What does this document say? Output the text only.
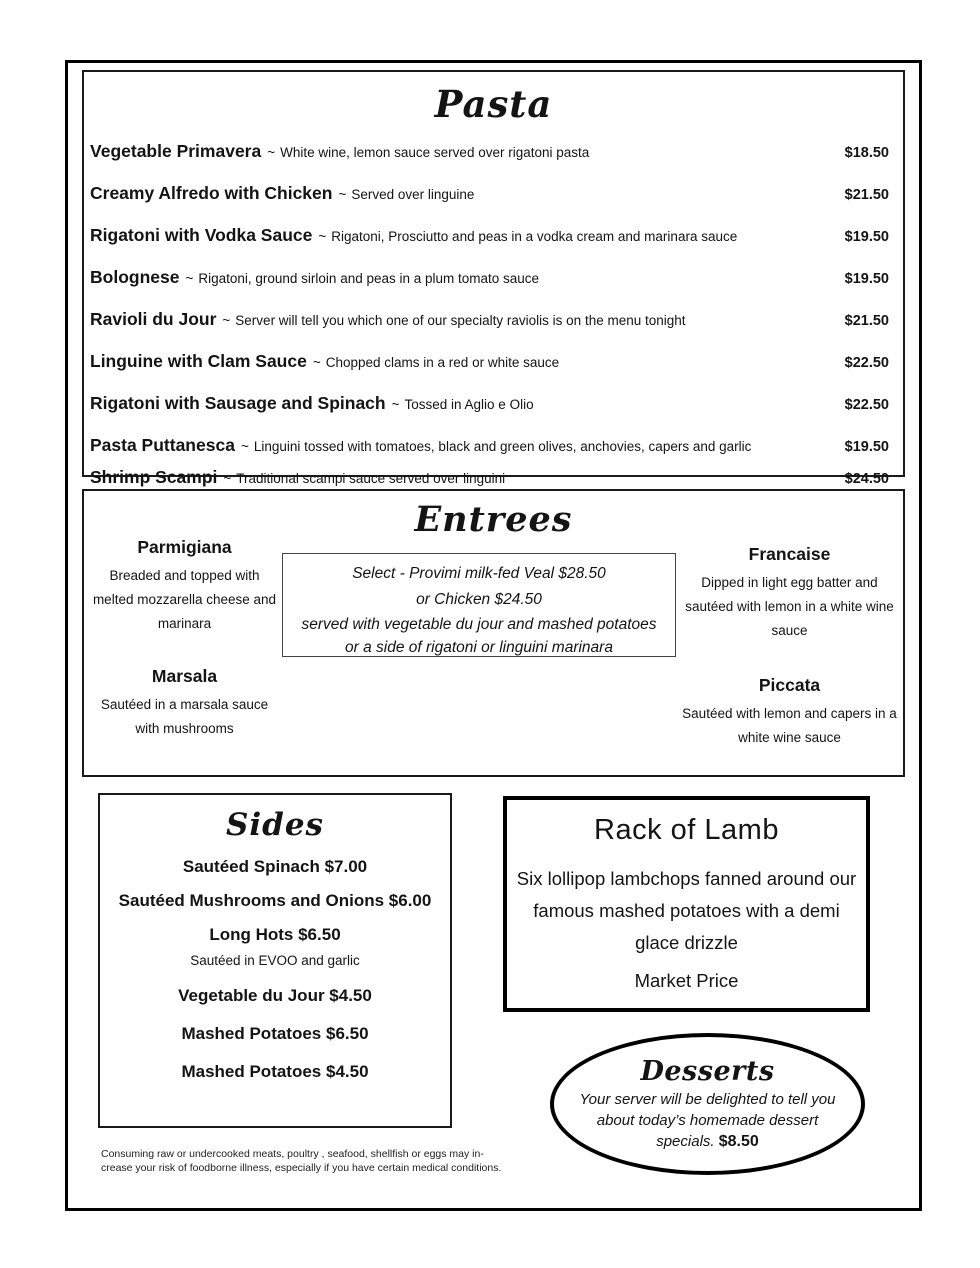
Pasta
Vegetable Primavera ~ White wine, lemon sauce served over rigatoni pasta	$18.50
Creamy Alfredo with Chicken ~ Served over linguine	$21.50
Rigatoni with Vodka Sauce ~ Rigatoni, Prosciutto and peas in a vodka cream and marinara sauce	$19.50
Bolognese ~ Rigatoni, ground sirloin and peas in a plum tomato sauce	$19.50
Ravioli du Jour ~ Server will tell you which one of our specialty raviolis is on the menu tonight	$21.50
Linguine with Clam Sauce ~ Chopped clams in a red or white sauce	$22.50
Rigatoni with Sausage and Spinach ~ Tossed in Aglio e Olio	$22.50
Pasta Puttanesca ~ Linguini tossed with tomatoes, black and green olives, anchovies, capers and garlic	$19.50
Shrimp Scampi ~ Traditional scampi sauce served over linguini	$24.50
Entrees
Parmigiana
Breaded and topped with melted mozzarella cheese and marinara
Marsala
Sautéed in a marsala sauce with mushrooms
Select - Provimi milk-fed Veal $28.50
or Chicken $24.50
served with vegetable du jour and mashed potatoes
or a side of rigatoni or linguini marinara
Francaise
Dipped in light egg batter and sautéed with lemon in a white wine sauce
Piccata
Sautéed with lemon and capers in a white wine sauce
Sides
Sautéed Spinach $7.00
Sautéed Mushrooms and Onions $6.00
Long Hots $6.50
Sautéed in EVOO and garlic
Vegetable du Jour $4.50
Mashed Potatoes $6.50
Mashed Potatoes $4.50
Rack of Lamb
Six lollipop lambchops fanned around our famous mashed potatoes with a demi glace drizzle
Market Price
Desserts
Your server will be delighted to tell you about today’s homemade dessert specials. $8.50
Consuming raw or undercooked meats, poultry , seafood, shellfish or eggs may in-
crease your risk of foodborne illness, especially if you have certain medical conditions.
